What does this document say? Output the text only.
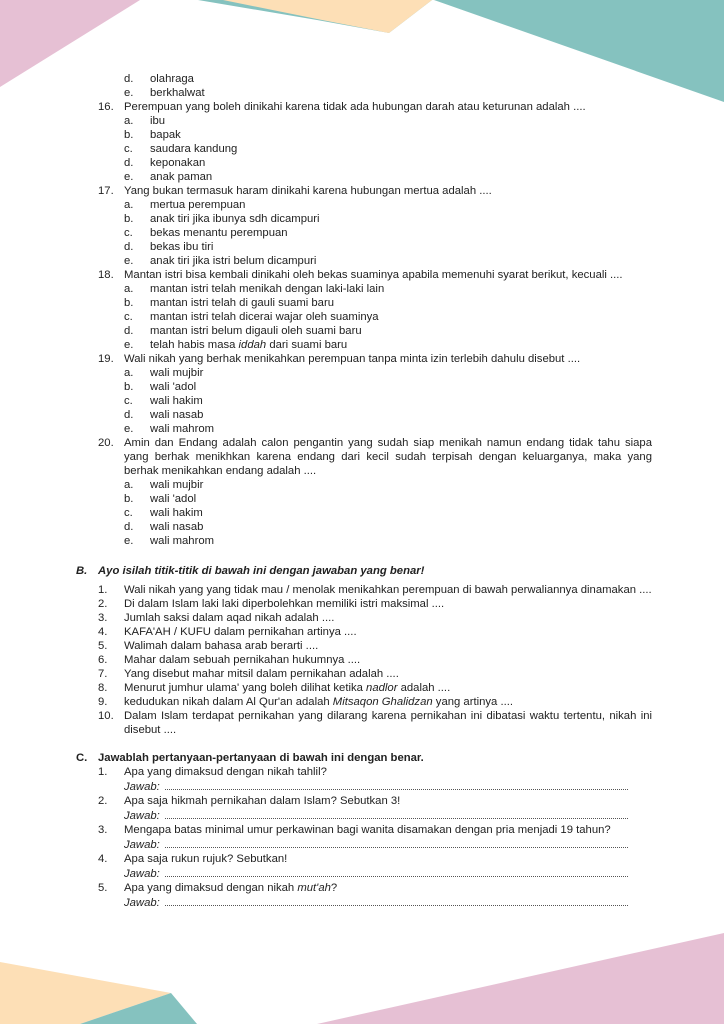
d.	olahraga
e.	berkhalwat
16. Perempuan yang boleh dinikahi karena tidak ada hubungan darah atau keturunan adalah ....
a.	ibu
b.	bapak
c.	saudara kandung
d.	keponakan
e.	anak paman
17. Yang bukan termasuk haram dinikahi karena hubungan mertua adalah ....
a.	mertua perempuan
b.	anak tiri jika ibunya sdh dicampuri
c.	bekas menantu perempuan
d.	bekas ibu tiri
e.	anak tiri jika istri belum dicampuri
18. Mantan istri bisa kembali dinikahi oleh bekas suaminya apabila memenuhi syarat berikut, kecuali ....
a.	mantan istri telah menikah dengan laki-laki lain
b.	mantan istri telah di gauli suami baru
c.	mantan istri telah dicerai wajar oleh suaminya
d.	mantan istri belum digauli oleh suami baru
e.	telah habis masa iddah dari suami baru
19. Wali nikah yang berhak menikahkan perempuan tanpa minta izin terlebih dahulu disebut ....
a.	wali mujbir
b.	wali 'adol
c.	wali hakim
d.	wali nasab
e.	wali mahrom
20. Amin dan Endang adalah calon pengantin yang sudah siap menikah namun endang tidak tahu siapa yang berhak menikhkan karena endang dari kecil sudah terpisah dengan keluarganya, maka yang berhak menikahkan endang adalah ....
a.	wali mujbir
b.	wali 'adol
c.	wali hakim
d.	wali nasab
e.	wali mahrom
B. Ayo isilah titik-titik di bawah ini dengan jawaban yang benar!
1.	Wali nikah yang yang tidak mau / menolak menikahkan perempuan di bawah perwaliannya dinamakan ....
2.	Di dalam Islam laki laki diperbolehkan memiliki istri maksimal ....
3.	Jumlah saksi dalam aqad nikah adalah ....
4.	KAFA'AH / KUFU dalam pernikahan artinya ....
5.	Walimah dalam bahasa arab berarti ....
6.	Mahar dalam sebuah pernikahan hukumnya ....
7.	Yang disebut mahar mitsil dalam pernikahan adalah ....
8.	Menurut jumhur ulama' yang boleh dilihat ketika nadlor adalah ....
9.	kedudukan nikah dalam Al Qur'an adalah Mitsaqon Ghalidzan yang artinya ....
10. Dalam Islam terdapat pernikahan yang dilarang karena pernikahan ini dibatasi waktu tertentu, nikah ini disebut ....
C. Jawablah pertanyaan-pertanyaan di bawah ini dengan benar.
1.	Apa yang dimaksud dengan nikah tahlil?
Jawab:
2.	Apa saja hikmah pernikahan dalam Islam? Sebutkan 3!
Jawab:
3.	Mengapa batas minimal umur perkawinan bagi wanita disamakan dengan pria menjadi 19 tahun?
Jawab:
4.	Apa saja rukun rujuk? Sebutkan!
Jawab:
5.	Apa yang dimaksud dengan nikah mut'ah?
Jawab:
